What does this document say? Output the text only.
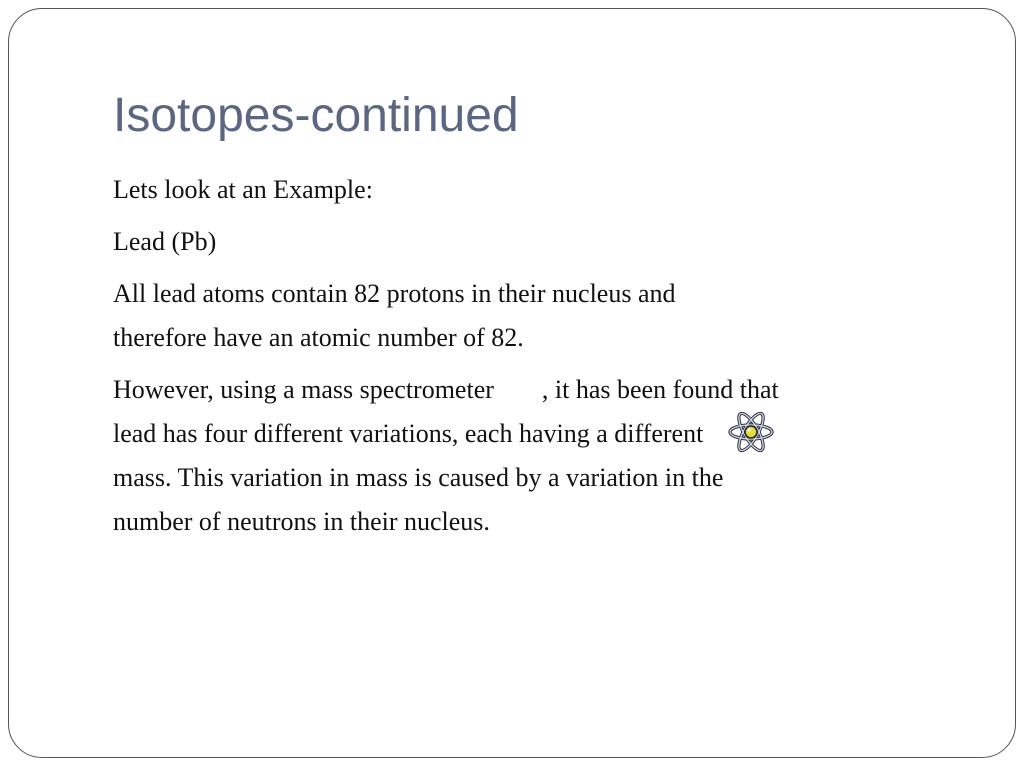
Isotopes-continued

Lets look at an Example:

Lead (Pb)

All lead atoms contain 82 protons in their nucleus and
therefore have an atomic number of 82.

However, using a mass spectrometer , it has been found that
lead has four different variations, each having a different
mass. This variation in mass is caused by a variation in the
number of neutrons in their nucleus.
